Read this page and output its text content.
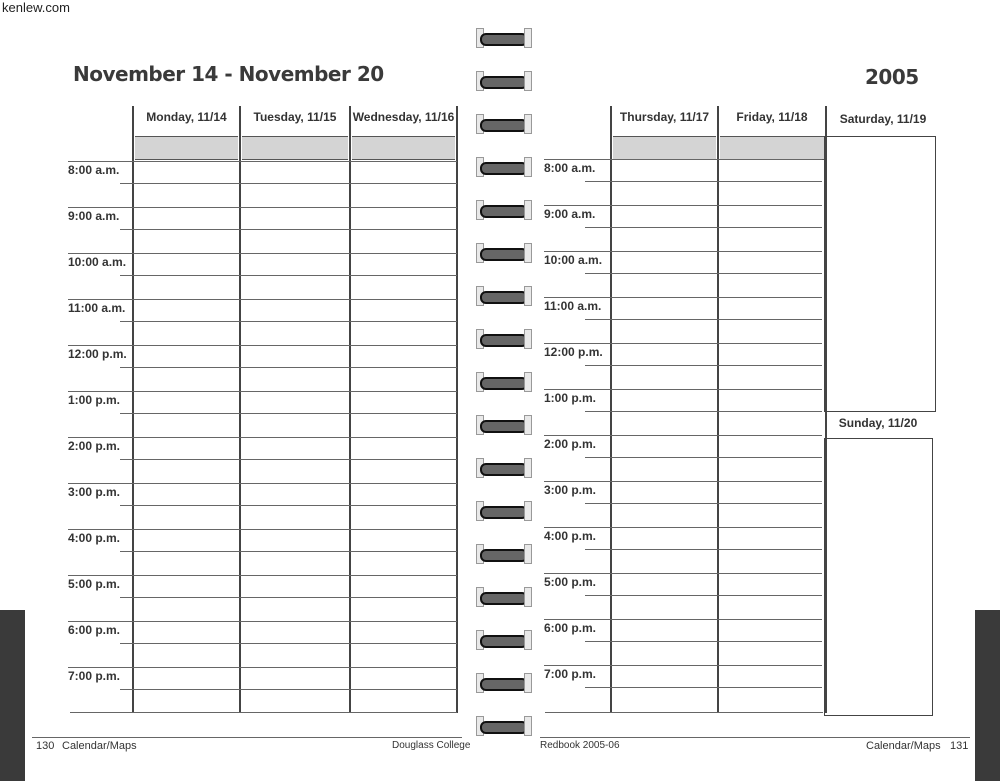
kenlew.com
November 14 - November 20
Monday, 11/14	Tuesday, 11/15	Wednesday, 11/16
8:00 a.m.
9:00 a.m.
10:00 a.m.
11:00 a.m.
12:00 p.m.
1:00 p.m.
2:00 p.m.
3:00 p.m.
4:00 p.m.
5:00 p.m.
6:00 p.m.
7:00 p.m.
130 Calendar/Maps	Douglass College
2005
Thursday, 11/17	Friday, 11/18
8:00 a.m.
9:00 a.m.
10:00 a.m.
11:00 a.m.
12:00 p.m.
1:00 p.m.
2:00 p.m.
3:00 p.m.
4:00 p.m.
5:00 p.m.
6:00 p.m.
7:00 p.m.
Saturday, 11/19
Sunday, 11/20
Redbook 2005-06	Calendar/Maps 131
